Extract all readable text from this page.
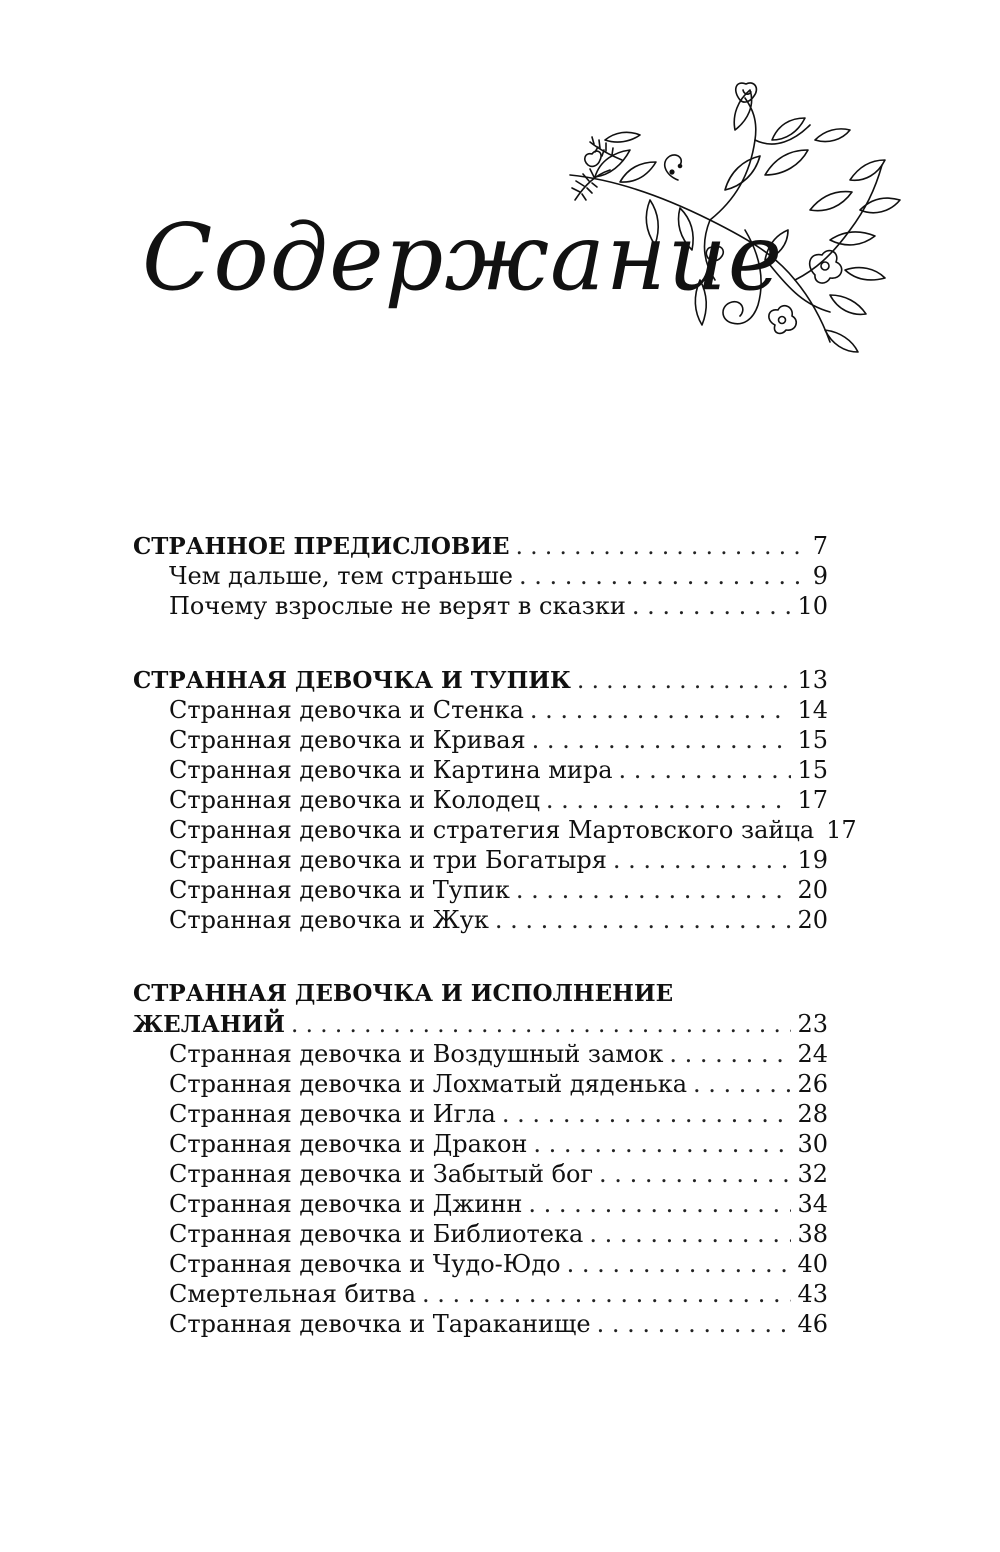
Содержание
СТРАННОЕ ПРЕДИСЛОВИЕ . . .	7
Чем дальше, тем страньше . . .	9
Почему взрослые не верят в сказки . . .	10
СТРАННАЯ ДЕВОЧКА И ТУПИК . . .	13
Странная девочка и Стенка . . .	14
Странная девочка и Кривая . . .	15
Странная девочка и Картина мира . . .	15
Странная девочка и Колодец . . .	17
Странная девочка и стратегия Мартовского зайца 17
Странная девочка и три Богатыря . . .	19
Странная девочка и Тупик . . .	20
Странная девочка и Жук . . .	20
СТРАННАЯ ДЕВОЧКА И ИСПОЛНЕНИЕ
ЖЕЛАНИЙ . . .	23
Странная девочка и Воздушный замок . . .	24
Странная девочка и Лохматый дяденька . . .	26
Странная девочка и Игла . . .	28
Странная девочка и Дракон . . .	30
Странная девочка и Забытый бог . . .	32
Странная девочка и Джинн . . .	34
Странная девочка и Библиотека . . .	38
Странная девочка и Чудо-Юдо . . .	40
Смертельная битва . . .	43
Странная девочка и Тараканище . . .	46
